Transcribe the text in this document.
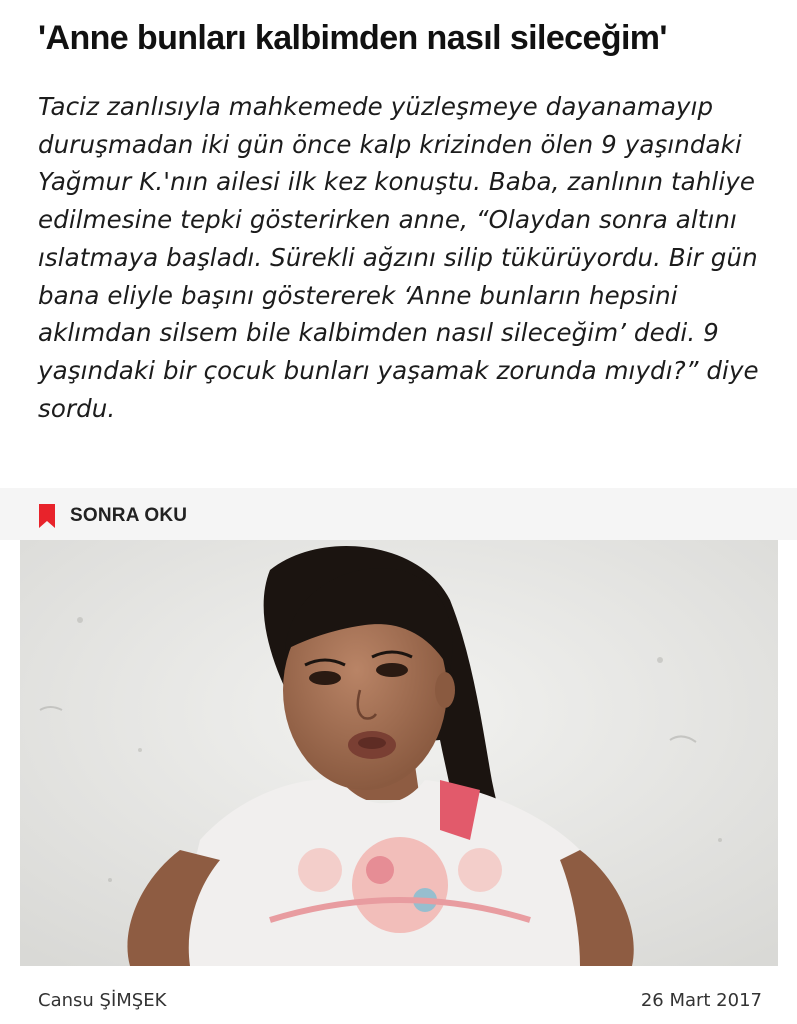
'Anne bunları kalbimden nasıl sileceğim'

Taciz zanlısıyla mahkemede yüzleşmeye dayanamayıp duruşmadan iki gün önce kalp krizinden ölen 9 yaşındaki Yağmur K.'nın ailesi ilk kez konuştu. Baba, zanlının tahliye edilmesine tepki gösterirken anne, “Olaydan sonra altını ıslatmaya başladı. Sürekli ağzını silip tükürüyordu. Bir gün bana eliyle başını göstererek ‘Anne bunların hepsini aklımdan silsem bile kalbimden nasıl sileceğim’ dedi. 9 yaşındaki bir çocuk bunları yaşamak zorunda mıydı?” diye sordu.

SONRA OKU
Cansu ŞİMŞEK	26 Mart 2017
